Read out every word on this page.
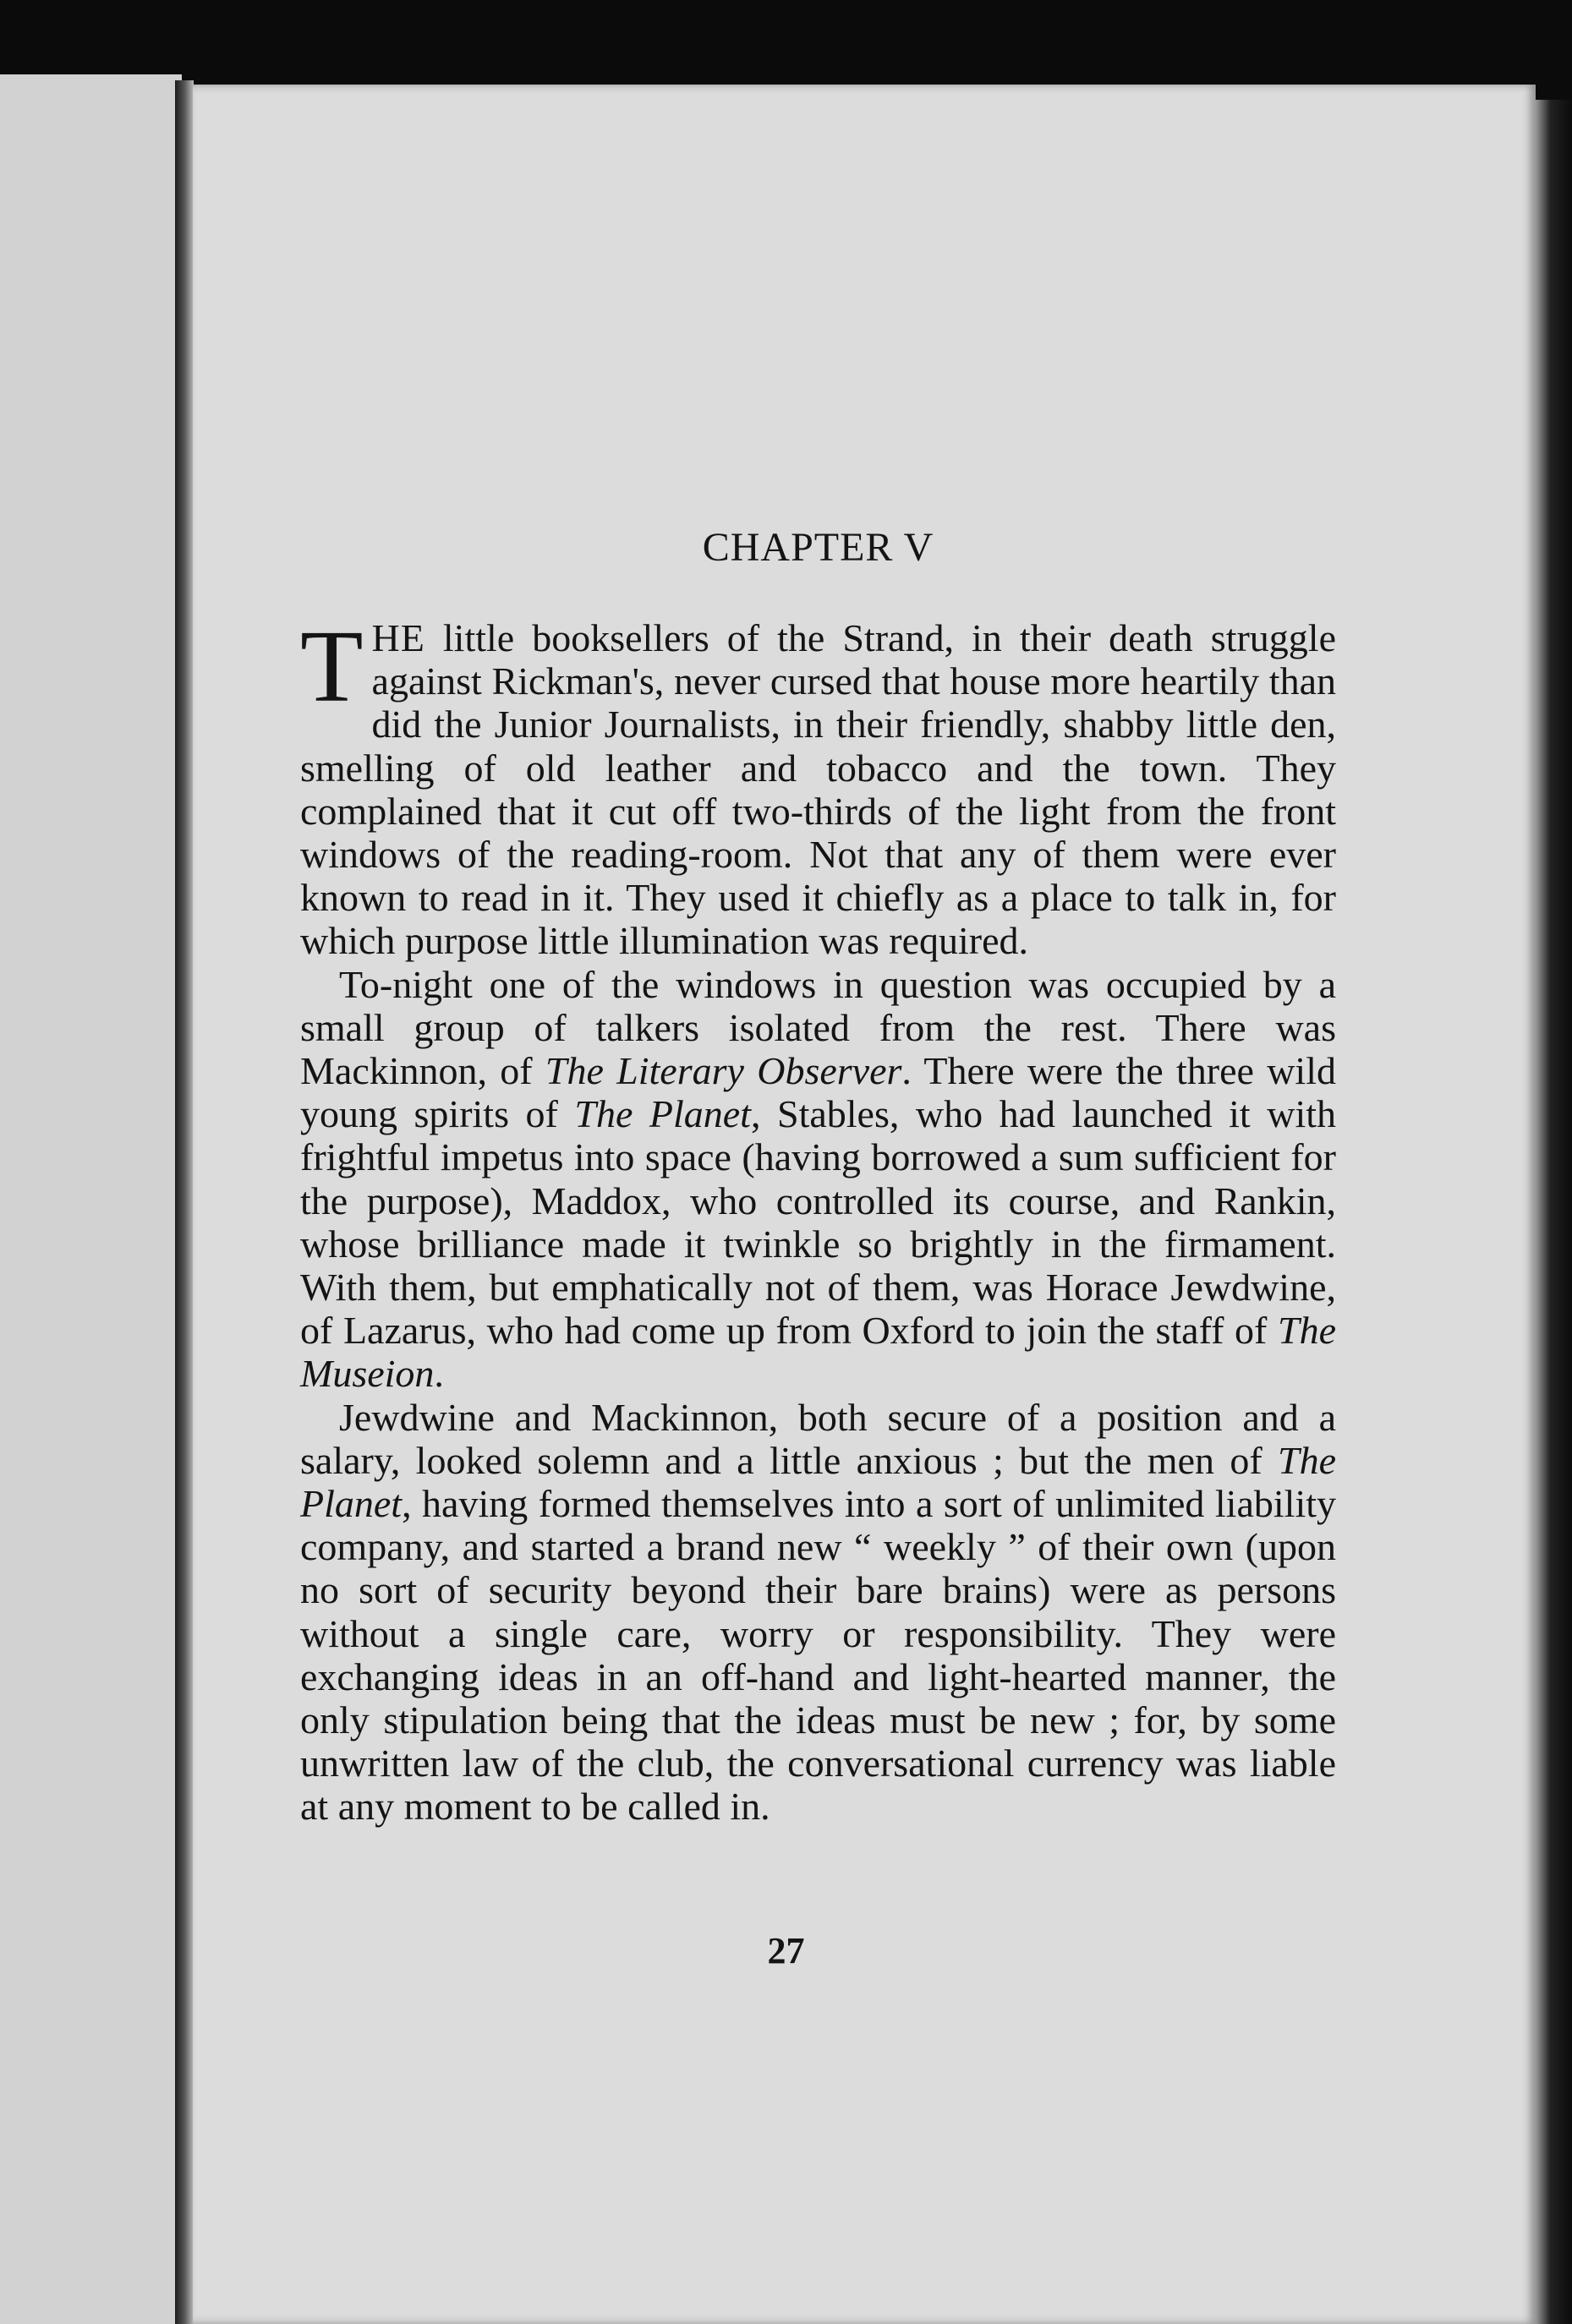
CHAPTER V

THE little booksellers of the Strand, in their death struggle against Rickman's, never cursed that house more heartily than did the Junior Journalists, in their friendly, shabby little den, smelling of old leather and tobacco and the town. They complained that it cut off two-thirds of the light from the front windows of the reading-room. Not that any of them were ever known to read in it. They used it chiefly as a place to talk in, for which purpose little illumination was required.

To-night one of the windows in question was occupied by a small group of talkers isolated from the rest. There was Mackinnon, of The Literary Observer. There were the three wild young spirits of The Planet, Stables, who had launched it with frightful impetus into space (having borrowed a sum sufficient for the purpose), Maddox, who controlled its course, and Rankin, whose brilliance made it twinkle so brightly in the firmament. With them, but emphatically not of them, was Horace Jewdwine, of Lazarus, who had come up from Oxford to join the staff of The Museion.

Jewdwine and Mackinnon, both secure of a position and a salary, looked solemn and a little anxious ; but the men of The Planet, having formed themselves into a sort of unlimited liability company, and started a brand new “ weekly ” of their own (upon no sort of security beyond their bare brains) were as persons without a single care, worry or responsibility. They were exchanging ideas in an off-hand and light-hearted manner, the only stipulation being that the ideas must be new ; for, by some unwritten law of the club, the conversational currency was liable at any moment to be called in.

27
